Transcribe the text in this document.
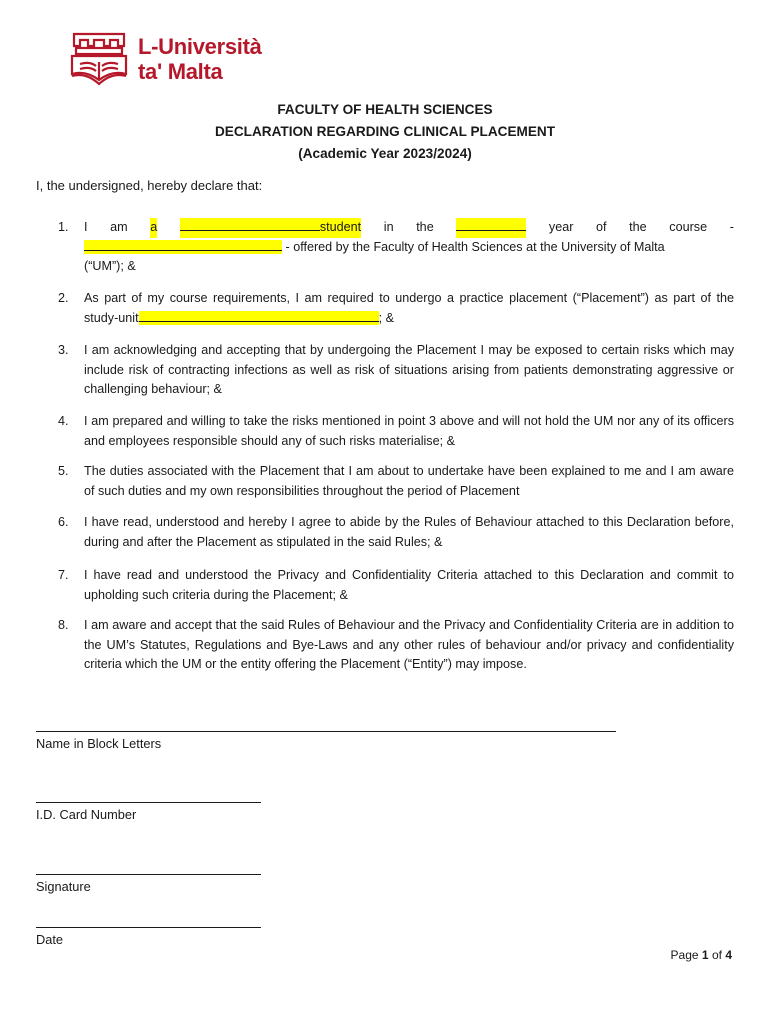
L-Università
ta' Malta
FACULTY OF HEALTH SCIENCES
DECLARATION REGARDING CLINICAL PLACEMENT
(Academic Year 2023/2024)
I, the undersigned, hereby declare that:
1. I am a	student in the	year of the course -
- offered by the Faculty of Health Sciences at the University of Malta
(“UM”); &
2. As part of my course requirements, I am required to undergo a practice placement (“Placement”) as part of the study-unit	; &
3. I am acknowledging and accepting that by undergoing the Placement I may be exposed to certain risks which may include risk of contracting infections as well as risk of situations arising from patients demonstrating aggressive or challenging behaviour; &
4. I am prepared and willing to take the risks mentioned in point 3 above and will not hold the UM nor any of its officers and employees responsible should any of such risks materialise; &
5. The duties associated with the Placement that I am about to undertake have been explained to me and I am aware of such duties and my own responsibilities throughout the period of Placement
6. I have read, understood and hereby I agree to abide by the Rules of Behaviour attached to this Declaration before, during and after the Placement as stipulated in the said Rules; &
7. I have read and understood the Privacy and Confidentiality Criteria attached to this Declaration and commit to upholding such criteria during the Placement; &
8. I am aware and accept that the said Rules of Behaviour and the Privacy and Confidentiality Criteria are in addition to the UM’s Statutes, Regulations and Bye-Laws and any other rules of behaviour and/or privacy and confidentiality criteria which the UM or the entity offering the Placement (“Entity”) may impose.
Name in Block Letters
I.D. Card Number
Signature
Date
Page 1 of 4
